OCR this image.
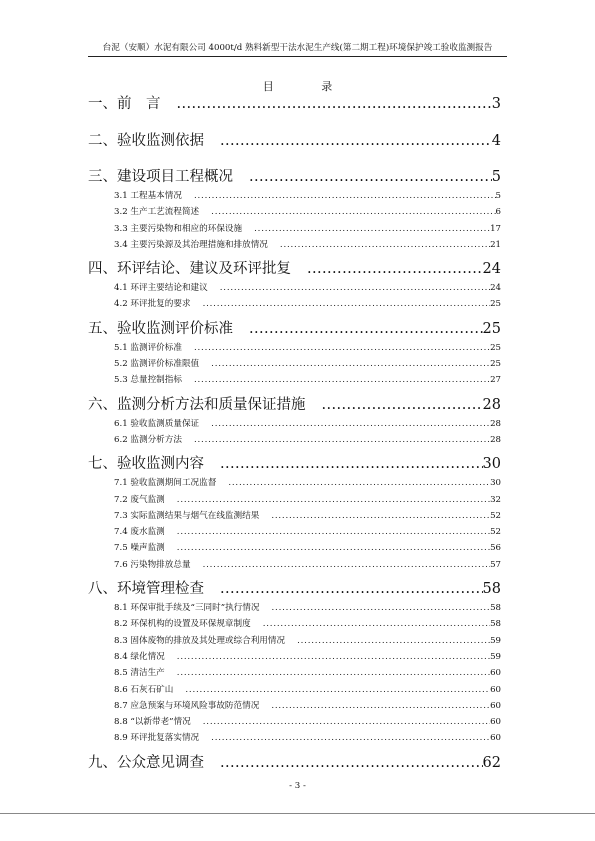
台泥（安顺）水泥有限公司 4000t/d 熟料新型干法水泥生产线(第二期工程)环境保护竣工验收监测报告
目 录
一、前　言 .....	3
二、验收监测依据 .....	4
三、建设项目工程概况 .....	5
3.1 工程基本情况 .....	5
3.2 生产工艺流程简述 .....	6
3.3 主要污染物和相应的环保设施 .....	17
3.4 主要污染源及其治理措施和排放情况 .....	21
四、环评结论、建议及环评批复 .....	24
4.1 环评主要结论和建议 .....	24
4.2 环评批复的要求 .....	25
五、验收监测评价标准 .....	25
5.1 监测评价标准 .....	25
5.2 监测评价标准限值 .....	25
5.3 总量控制指标 .....	27
六、监测分析方法和质量保证措施 .....	28
6.1 验收监测质量保证 .....	28
6.2 监测分析方法 .....	28
七、验收监测内容 .....	30
7.1 验收监测期间工况监督 .....	30
7.2 废气监测 .....	32
7.3 实际监测结果与烟气在线监测结果 .....	52
7.4 废水监测 .....	52
7.5 噪声监测 .....	56
7.6 污染物排放总量 .....	57
八、环境管理检查 .....	58
8.1 环保审批手续及“三同时”执行情况 .....	58
8.2 环保机构的设置及环保规章制度 .....	58
8.3 固体废物的排放及其处理或综合利用情况 .....	59
8.4 绿化情况 .....	59
8.5 清洁生产 .....	60
8.6 石灰石矿山 .....	60
8.7 应急预案与环境风险事故防范情况 .....	60
8.8 “以新带老”情况 .....	60
8.9 环评批复落实情况 .....	60
九、公众意见调查 .....	62
- 3 -
